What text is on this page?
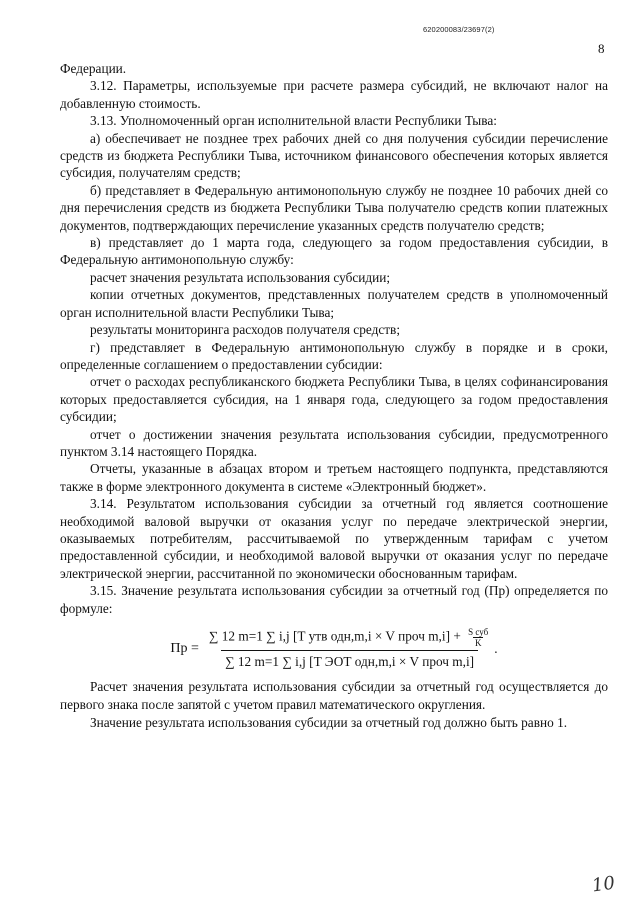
620200083/23697(2)
8

Федерации.

3.12. Параметры, используемые при расчете размера субсидий, не включают налог на добавленную стоимость.

3.13. Уполномоченный орган исполнительной власти Республики Тыва:

а) обеспечивает не позднее трех рабочих дней со дня получения субсидии перечисление средств из бюджета Республики Тыва, источником финансового обеспечения которых является субсидия, получателям средств;

б) представляет в Федеральную антимонопольную службу не позднее 10 рабочих дней со дня перечисления средств из бюджета Республики Тыва получателю средств копии платежных документов, подтверждающих перечисление указанных средств получателю средств;

в) представляет до 1 марта года, следующего за годом предоставления субсидии, в Федеральную антимонопольную службу:

расчет значения результата использования субсидии;

копии отчетных документов, представленных получателем средств в уполномоченный орган исполнительной власти Республики Тыва;

результаты мониторинга расходов получателя средств;

г) представляет в Федеральную антимонопольную службу в порядке и в сроки, определенные соглашением о предоставлении субсидии:

отчет о расходах республиканского бюджета Республики Тыва, в целях софинансирования которых предоставляется субсидия, на 1 января года, следующего за годом предоставления субсидии;

отчет о достижении значения результата использования субсидии, предусмотренного пунктом 3.14 настоящего Порядка.

Отчеты, указанные в абзацах втором и третьем настоящего подпункта, представляются также в форме электронного документа в системе «Электронный бюджет».

3.14. Результатом использования субсидии за отчетный год является соотношение необходимой валовой выручки от оказания услуг по передаче электрической энергии, оказываемых потребителям, рассчитываемой по утвержденным тарифам с учетом предоставленной субсидии, и необходимой валовой выручки от оказания услуг по передаче электрической энергии, рассчитанной по экономически обоснованным тарифам.

3.15. Значение результата использования субсидии за отчетный год (Пр) определяется по формуле:

Пр =
∑ 12 m=1 ∑ i,j [T утв одн,m,i × V проч $m,i] + \frac{\text{S суб}}{K}$
∑ 12 m=1 ∑ i,j [T ЭОТ одн,m,i × V проч m,i]
.

Расчет значения результата использования субсидии за отчетный год осуществляется до первого знака после запятой с учетом правил математического округления.

Значение результата использования субсидии за отчетный год должно быть равно 1.

10
